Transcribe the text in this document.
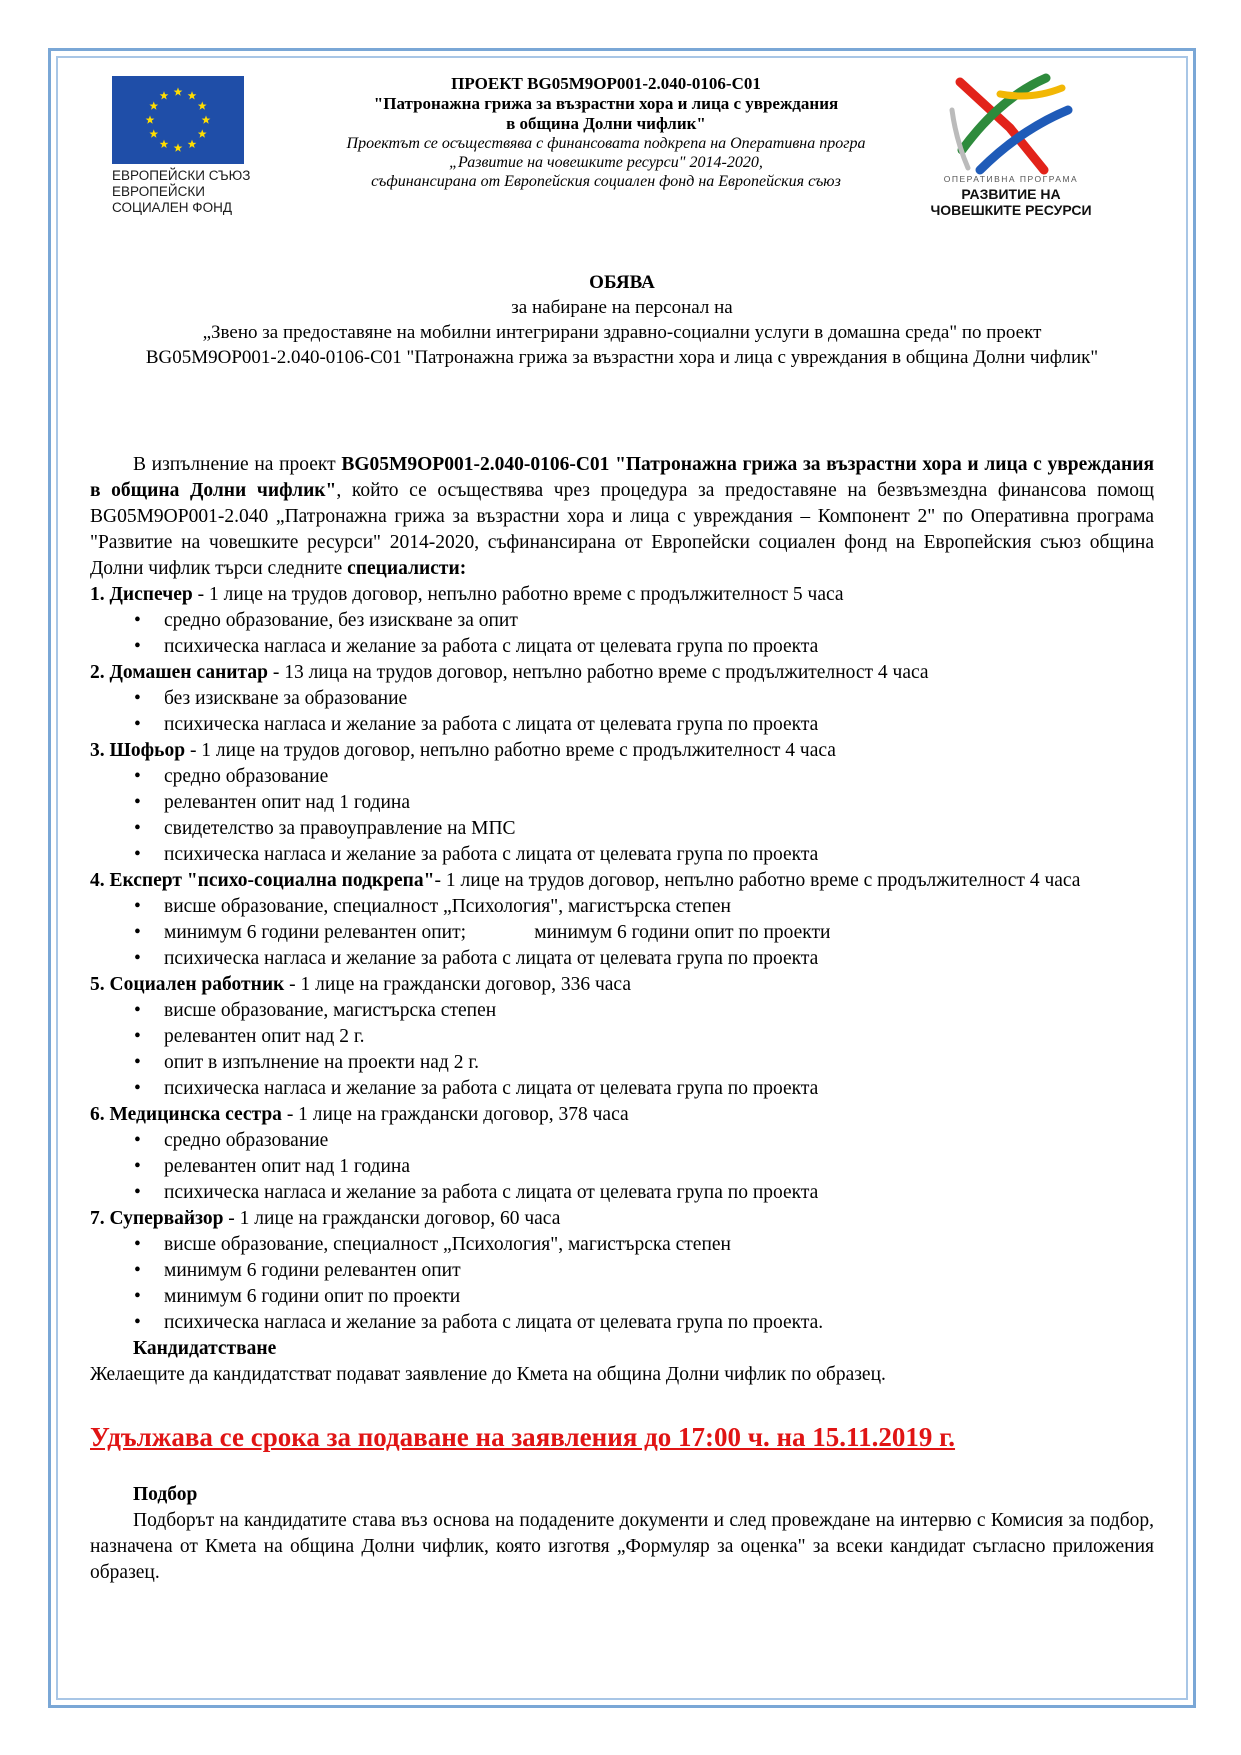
ЕВРОПЕЙСКИ СЪЮЗ
ЕВРОПЕЙСКИ
СОЦИАЛЕН ФОНД
ПРОЕКТ BG05M9OP001-2.040-0106-C01
"Патронажна грижа за възрастни хора и лица с увреждания
в община Долни чифлик"
Проектът се осъществява с финансовата подкрепа на Оперативна програ
„Развитие на човешките ресурси" 2014-2020,
съфинансирана от Европейския социален фонд на Европейския съюз	ОПЕРАТИВНА ПРОГРАМА
РАЗВИТИЕ НА
ЧОВЕШКИТЕ РЕСУРСИ
ОБЯВА
за набиране на персонал на
„Звено за предоставяне на мобилни интегрирани здравно-социални услуги в домашна среда" по проект
BG05M9OP001-2.040-0106-C01 "Патронажна грижа за възрастни хора и лица с увреждания в община Долни чифлик"
В изпълнение на проект BG05M9OP001-2.040-0106-C01 "Патронажна грижа за възрастни хора и лица с увреждания в община Долни чифлик", който се осъществява чрез процедура за предоставяне на безвъзмездна финансова помощ BG05M9OP001-2.040 „Патронажна грижа за възрастни хора и лица с увреждания – Компонент 2" по Оперативна програма "Развитие на човешките ресурси" 2014-2020, съфинансирана от Европейски социален фонд на Европейския съюз община Долни чифлик търси следните специалисти:
1. Диспечер - 1 лице на трудов договор, непълно работно време с продължителност 5 часа
• средно образование, без изискване за опит
• психическа нагласа и желание за работа с лицата от целевата група по проекта
2. Домашен санитар - 13 лица на трудов договор, непълно работно време с продължителност 4 часа
• без изискване за образование
• психическа нагласа и желание за работа с лицата от целевата група по проекта
3. Шофьор - 1 лице на трудов договор, непълно работно време с продължителност 4 часа
• средно образование
• релевантен опит над 1 година
• свидетелство за правоуправление на МПС
• психическа нагласа и желание за работа с лицата от целевата група по проекта
4. Експерт "психо-социална подкрепа"- 1 лице на трудов договор, непълно работно време с продължителност 4 часа
• висше образование, специалност „Психология", магистърска степен
• минимум 6 години релевантен опит;              минимум 6 години опит по проекти
• психическа нагласа и желание за работа с лицата от целевата група по проекта
5. Социален работник - 1 лице на граждански договор, 336 часа
• висше образование, магистърска степен
• релевантен опит над 2 г.
• опит в изпълнение на проекти над 2 г.
• психическа нагласа и желание за работа с лицата от целевата група по проекта
6. Медицинска сестра - 1 лице на граждански договор, 378 часа
• средно образование
• релевантен опит над 1 година
• психическа нагласа и желание за работа с лицата от целевата група по проекта
7. Супервайзор - 1 лице на граждански договор, 60 часа
• висше образование, специалност „Психология", магистърска степен
• минимум 6 години релевантен опит
• минимум 6 години опит по проекти
• психическа нагласа и желание за работа с лицата от целевата група по проекта.
Кандидатстване
Желаещите да кандидатстват подават заявление до Кмета на община Долни чифлик по образец.
Удължава се срока за подаване на заявления до 17:00 ч. на 15.11.2019 г.
Подбор
Подборът на кандидатите става въз основа на подадените документи и след провеждане на интервю с Комисия за подбор, назначена от Кмета на община Долни чифлик, която изготвя „Формуляр за оценка" за всеки кандидат съгласно приложения образец.
